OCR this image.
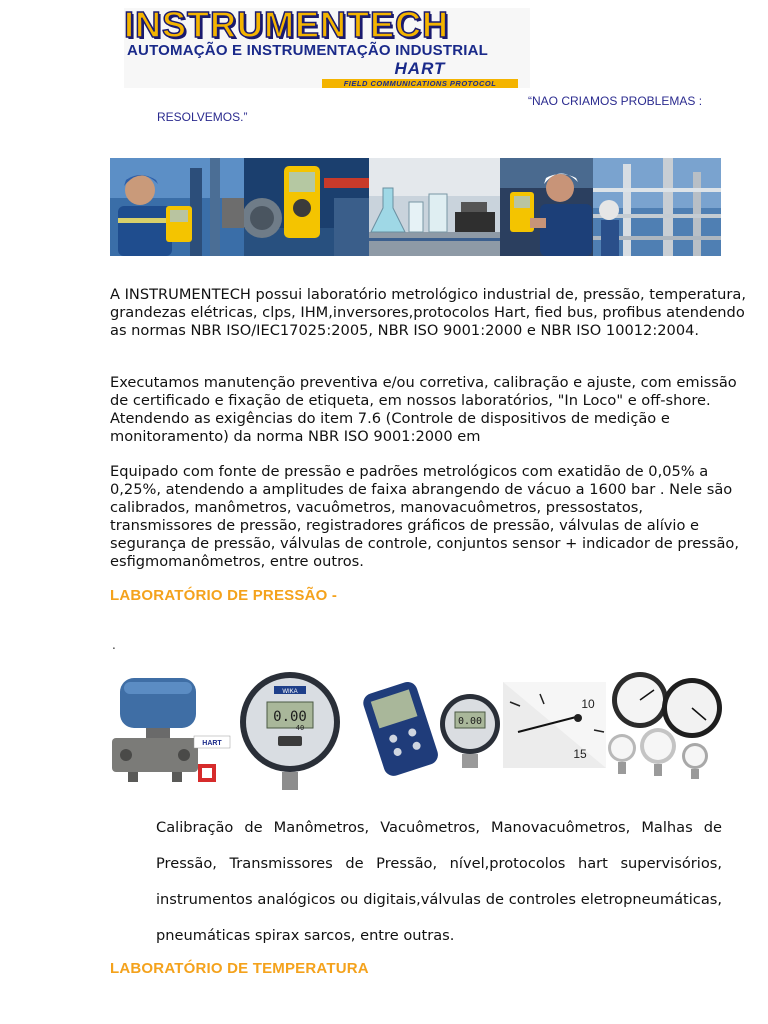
INSTRUMENTECH
AUTOMAÇÃO E INSTRUMENTAÇÃO INDUSTRIAL
HART
FIELD COMMUNICATIONS PROTOCOL
“NAO CRIAMOS PROBLEMAS :
RESOLVEMOS.”
A INSTRUMENTECH possui laboratório metrológico industrial de, pressão, temperatura, grandezas elétricas, clps, IHM,inversores,protocolos Hart, fied bus, profibus atendendo as normas NBR ISO/IEC17025:2005, NBR ISO 9001:2000 e NBR ISO 10012:2004.
Executamos manutenção preventiva e/ou corretiva, calibração e ajuste, com emissão de certificado e fixação de etiqueta, em nossos laboratórios, "In Loco" e off-shore. Atendendo as exigências do item 7.6 (Controle de dispositivos de medição e monitoramento) da norma NBR ISO 9001:2000 em
Equipado com fonte de pressão e padrões metrológicos com exatidão de 0,05% a 0,25%, atendendo a amplitudes de faixa abrangendo de vácuo a 1600 bar . Nele são calibrados, manômetros, vacuômetros, manovacuômetros, pressostatos, transmissores de pressão, registradores gráficos de pressão, válvulas de alívio e segurança de pressão, válvulas de controle, conjuntos sensor + indicador de pressão, esfigmomanômetros, entre outros.
LABORATÓRIO DE PRESSÃO -
.
HART
0.00
40
WIKA
0.00
10
15
Calibração de Manômetros, Vacuômetros, Manovacuômetros, Malhas de Pressão, Transmissores de Pressão, nível,protocolos hart supervisórios, instrumentos analógicos ou digitais,válvulas de controles eletropneumáticas, pneumáticas spirax sarcos, entre outras.
LABORATÓRIO DE TEMPERATURA
